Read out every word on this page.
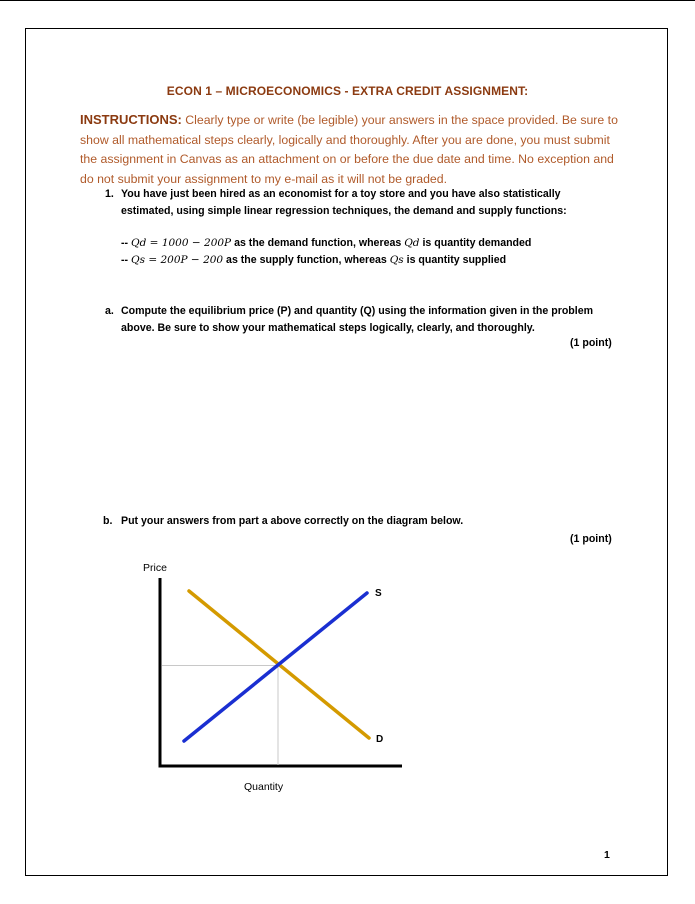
ECON 1 – MICROECONOMICS - EXTRA CREDIT ASSIGNMENT:
INSTRUCTIONS: Clearly type or write (be legible) your answers in the space provided. Be sure to show all mathematical steps clearly, logically and thoroughly. After you are done, you must submit the assignment in Canvas as an attachment on or before the due date and time. No exception and do not submit your assignment to my e-mail as it will not be graded.
1. You have just been hired as an economist for a toy store and you have also statistically
estimated, using simple linear regression techniques, the demand and supply functions:
-- Qd = 1000 − 200P as the demand function, whereas Qd is quantity demanded
-- Qs = 200P − 200 as the supply function, whereas Qs is quantity supplied
a. Compute the equilibrium price (P) and quantity (Q) using the information given in the problem
above. Be sure to show your mathematical steps logically, clearly, and thoroughly.
(1 point)
b. Put your answers from part a above correctly on the diagram below.
(1 point)
Price
Quantity
S
D
1
